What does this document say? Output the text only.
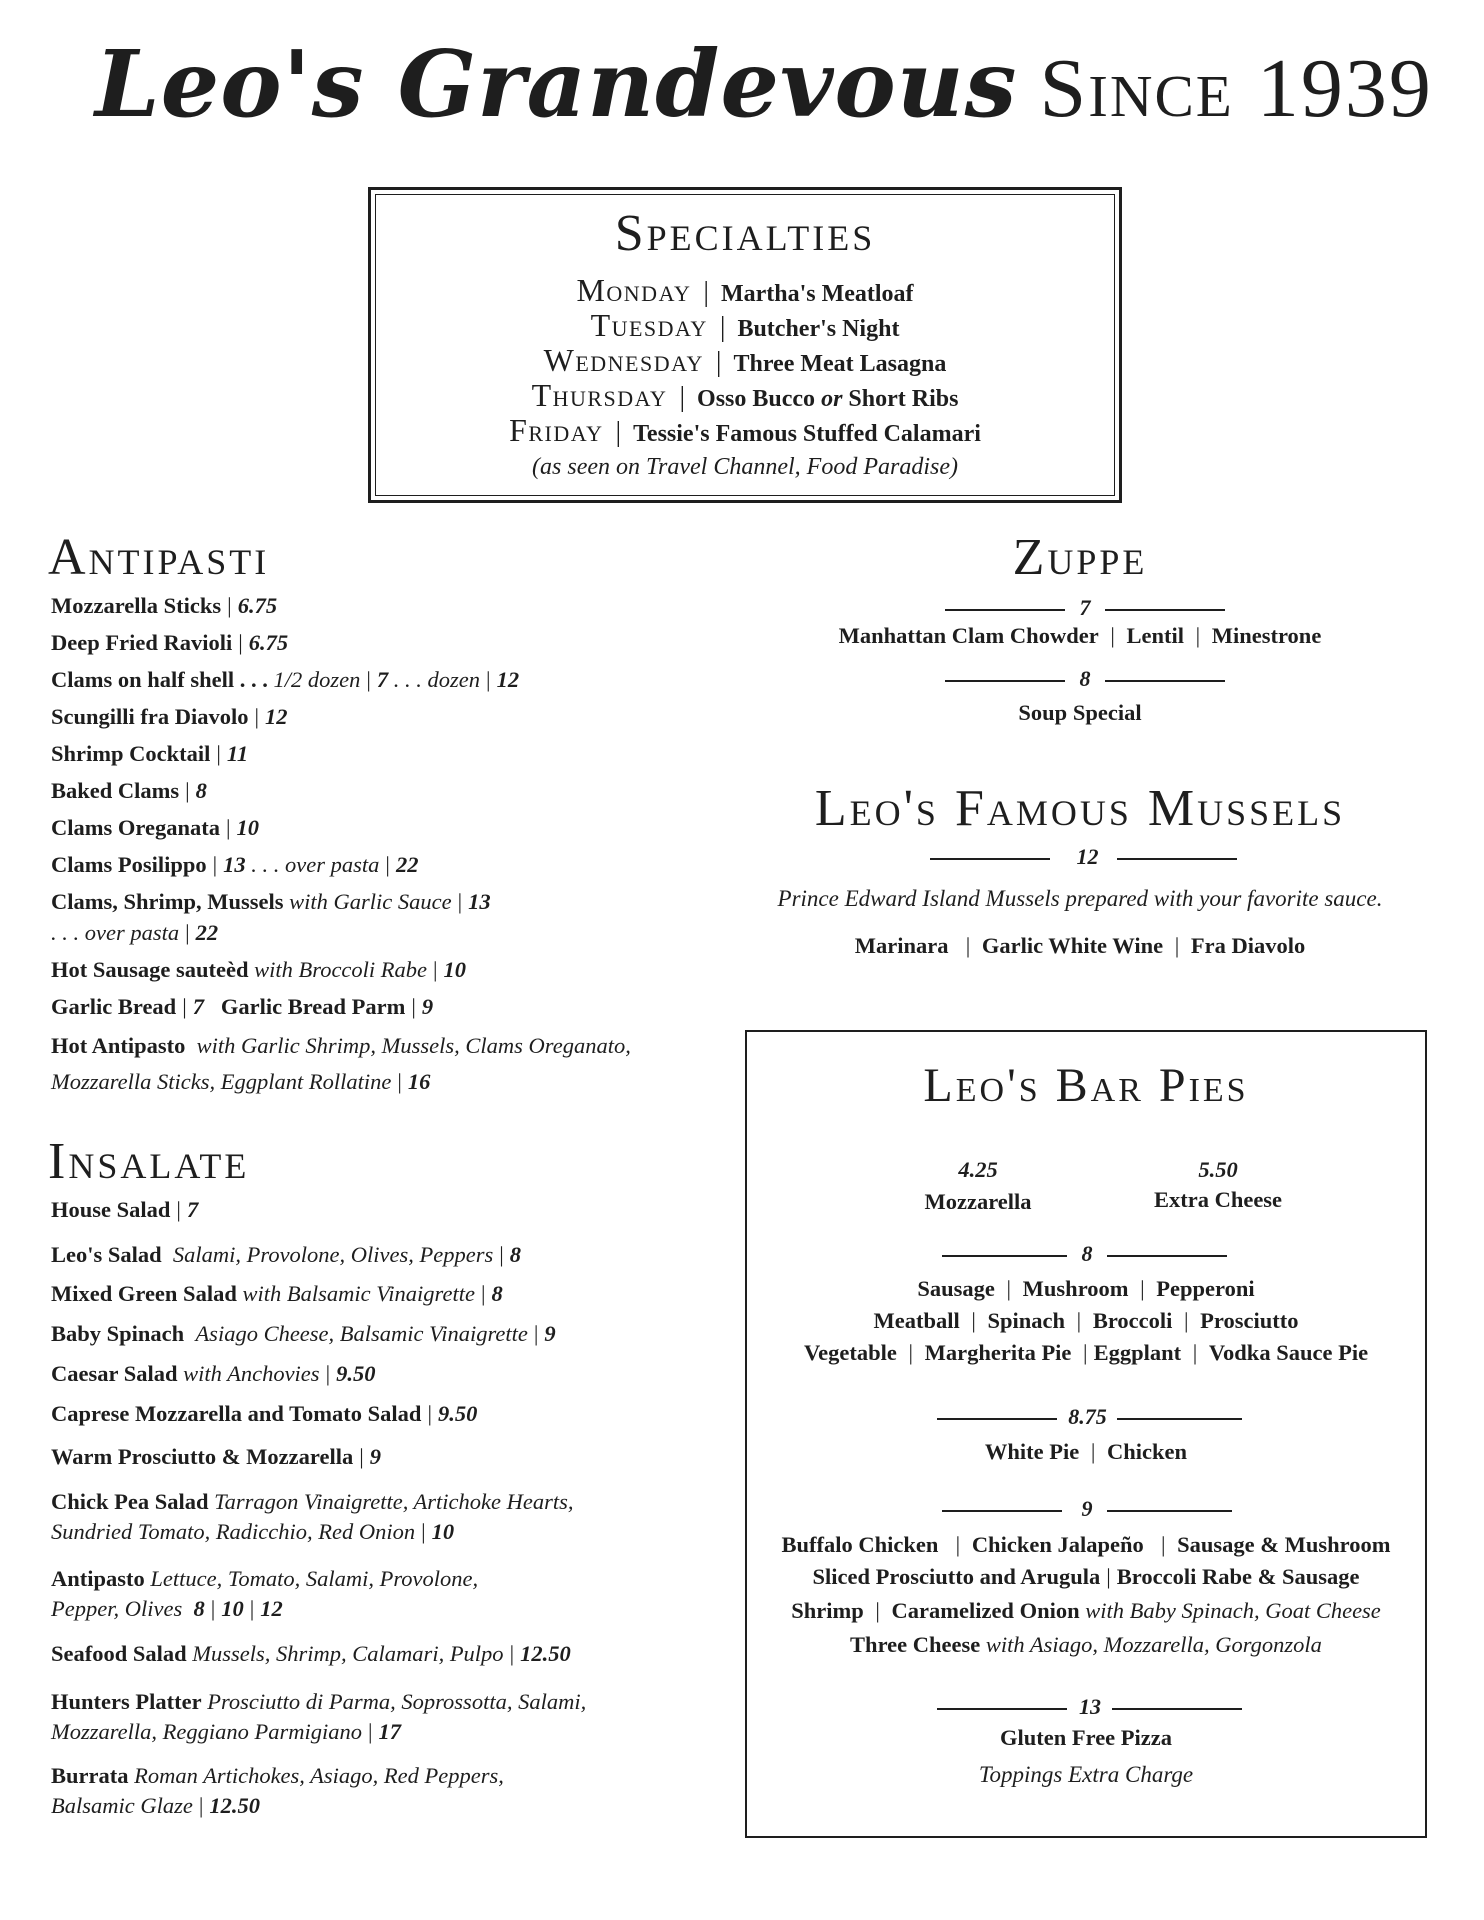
Leo's Grandevous Since 1939
Specialties
Monday | Martha's Meatloaf
Tuesday | Butcher's Night
Wednesday | Three Meat Lasagna
Thursday | Osso Bucco or Short Ribs
Friday | Tessie's Famous Stuffed Calamari
(as seen on Travel Channel, Food Paradise)
Antipasti
Mozzarella Sticks | 6.75
Deep Fried Ravioli | 6.75
Clams on half shell . . . 1/2 dozen | 7 . . . dozen | 12
Scungilli fra Diavolo | 12
Shrimp Cocktail | 11
Baked Clams | 8
Clams Oreganata | 10
Clams Posilippo | 13 . . . over pasta | 22
Clams, Shrimp, Mussels with Garlic Sauce | 13
. . . over pasta | 22
Hot Sausage sauteèd with Broccoli Rabe | 10
Garlic Bread | 7 Garlic Bread Parm | 9
Hot Antipasto with Garlic Shrimp, Mussels, Clams Oreganato,
Mozzarella Sticks, Eggplant Rollatine | 16
Insalate
House Salad | 7
Leo's Salad Salami, Provolone, Olives, Peppers | 8
Mixed Green Salad with Balsamic Vinaigrette | 8
Baby Spinach Asiago Cheese, Balsamic Vinaigrette | 9
Caesar Salad with Anchovies | 9.50
Caprese Mozzarella and Tomato Salad | 9.50
Warm Prosciutto & Mozzarella | 9
Chick Pea Salad Tarragon Vinaigrette, Artichoke Hearts,
Sundried Tomato, Radicchio, Red Onion | 10
Antipasto Lettuce, Tomato, Salami, Provolone,
Pepper, Olives 8 | 10 | 12
Seafood Salad Mussels, Shrimp, Calamari, Pulpo | 12.50
Hunters Platter Prosciutto di Parma, Soprossotta, Salami,
Mozzarella, Reggiano Parmigiano | 17
Burrata Roman Artichokes, Asiago, Red Peppers,
Balsamic Glaze | 12.50
Zuppe
7
Manhattan Clam Chowder | Lentil | Minestrone
8
Soup Special
Leo's Famous Mussels
12
Prince Edward Island Mussels prepared with your favorite sauce.
Marinara  | Garlic White Wine | Fra Diavolo
Leo's Bar Pies
4.25
Mozzarella
5.50
Extra Cheese
8
Sausage | Mushroom | Pepperoni
Meatball | Spinach | Broccoli | Prosciutto
Vegetable | Margherita Pie | Eggplant | Vodka Sauce Pie
8.75
White Pie | Chicken
9
Buffalo Chicken  | Chicken Jalapeño  | Sausage & Mushroom
Sliced Prosciutto and Arugula | Broccoli Rabe & Sausage
Shrimp | Caramelized Onion with Baby Spinach, Goat Cheese
Three Cheese with Asiago, Mozzarella, Gorgonzola
13
Gluten Free Pizza
Toppings Extra Charge
